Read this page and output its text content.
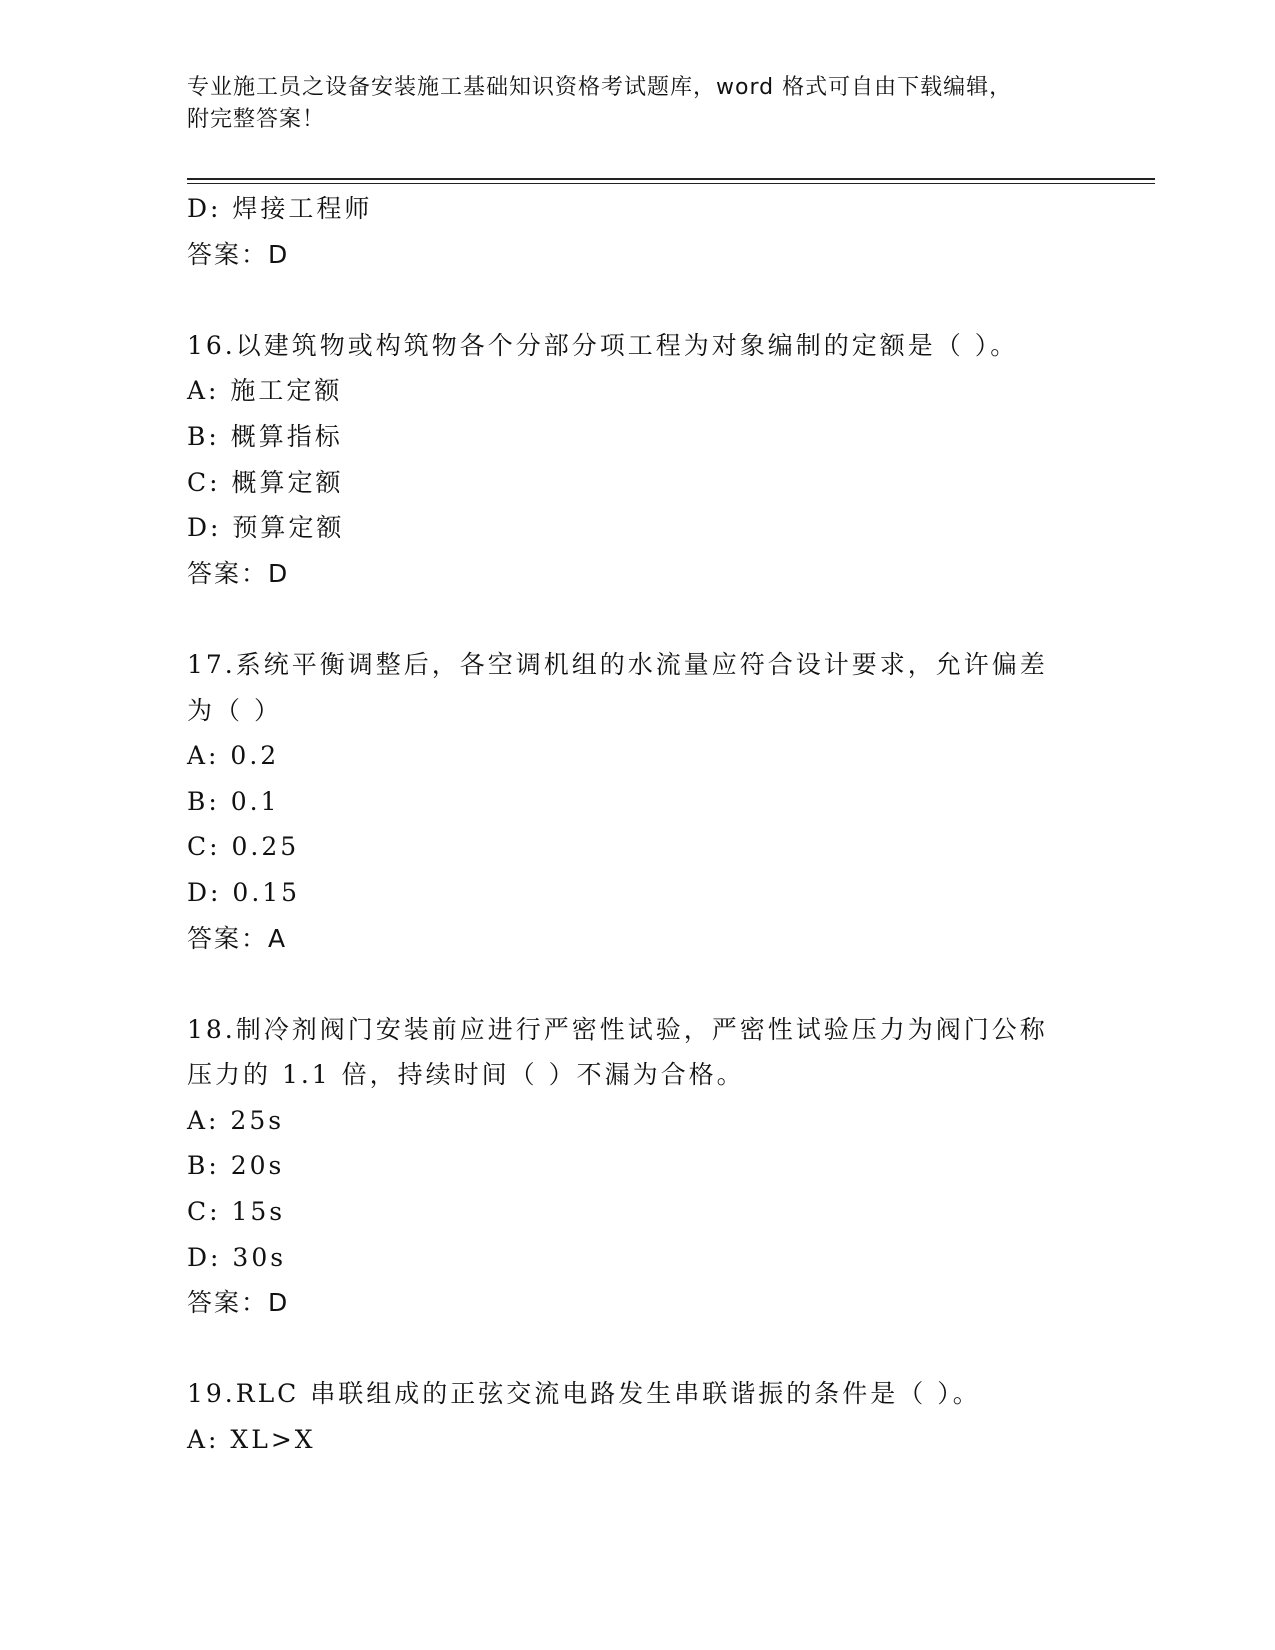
专业施工员之设备安装施工基础知识资格考试题库，word 格式可自由下载编辑，
附完整答案！
D: 焊接工程师
答案：D
16.以建筑物或构筑物各个分部分项工程为对象编制的定额是（ ）。
A: 施工定额
B: 概算指标
C: 概算定额
D: 预算定额
答案：D
17.系统平衡调整后，各空调机组的水流量应符合设计要求，允许偏差
为（ ）
A: 0.2
B: 0.1
C: 0.25
D: 0.15
答案：A
18.制冷剂阀门安装前应进行严密性试验，严密性试验压力为阀门公称
压力的 1.1 倍，持续时间（ ）不漏为合格。
A: 25s
B: 20s
C: 15s
D: 30s
答案：D
19.RLC 串联组成的正弦交流电路发生串联谐振的条件是（ ）。
A: XL>X
